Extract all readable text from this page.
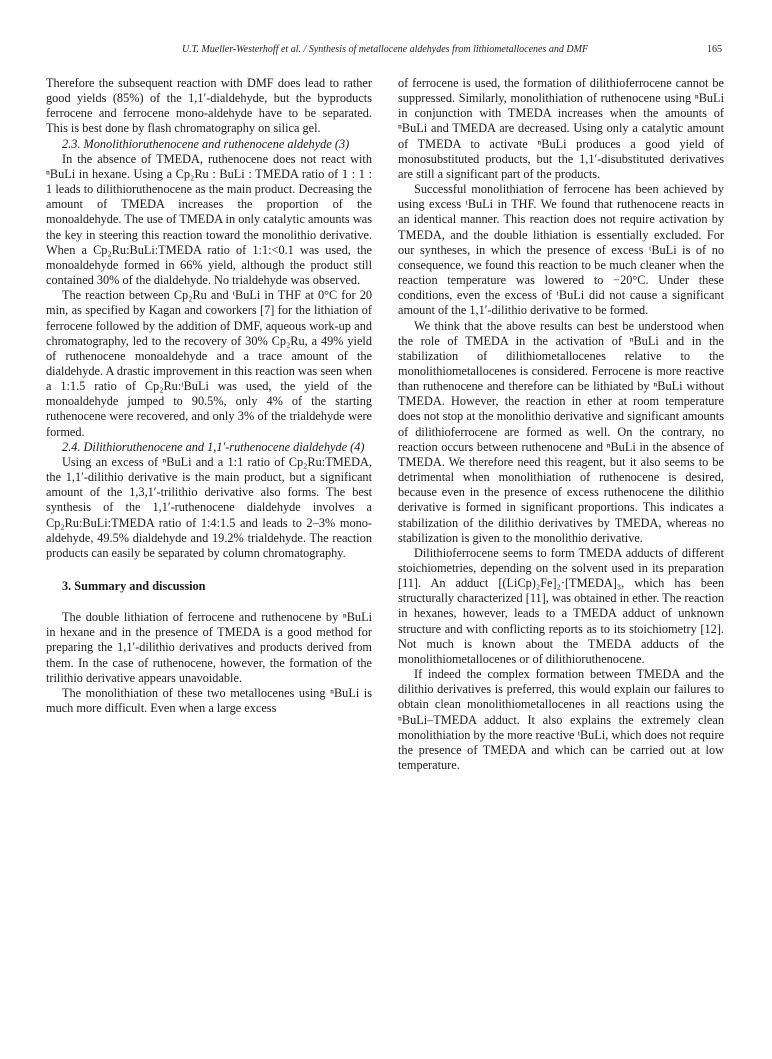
U.T. Mueller-Westerhoff et al. / Synthesis of metallocene aldehydes from lithiometallocenes and DMF	165

Therefore the subsequent reaction with DMF does lead to rather good yields (85%) of the 1,1′-dialdehyde, but the byproducts ferrocene and ferrocene mono-aldehyde have to be separated. This is best done by flash chromatography on silica gel.

2.3. Monolithioruthenocene and ruthenocene aldehyde (3)

In the absence of TMEDA, ruthenocene does not react with ⁿBuLi in hexane. Using a Cp₂Ru : BuLi : TMEDA ratio of 1 : 1 : 1 leads to dilithioruthenocene as the main product. Decreasing the amount of TMEDA increases the proportion of the monoaldehyde. The use of TMEDA in only catalytic amounts was the key in steering this reaction toward the monolithio derivative. When a Cp₂Ru:BuLi:TMEDA ratio of 1:1:<0.1 was used, the monoaldehyde formed in 66% yield, although the product still contained 30% of the dialdehyde. No trialdehyde was observed.

The reaction between Cp₂Ru and ᵗBuLi in THF at 0°C for 20 min, as specified by Kagan and coworkers [7] for the lithiation of ferrocene followed by the addition of DMF, aqueous work-up and chromatography, led to the recovery of 30% Cp₂Ru, a 49% yield of ruthenocene monoaldehyde and a trace amount of the dialdehyde. A drastic improvement in this reaction was seen when a 1:1.5 ratio of Cp₂Ru:ᵗBuLi was used, the yield of the monoaldehyde jumped to 90.5%, only 4% of the starting ruthenocene were recovered, and only 3% of the trialdehyde were formed.

2.4. Dilithioruthenocene and 1,1′-ruthenocene dialdehyde (4)

Using an excess of ⁿBuLi and a 1:1 ratio of Cp₂Ru:TMEDA, the 1,1′-dilithio derivative is the main product, but a significant amount of the 1,3,1′-trilithio derivative also forms. The best synthesis of the 1,1′-ruthenocene dialdehyde involves a Cp₂Ru:BuLi:TMEDA ratio of 1:4:1.5 and leads to 2–3% mono-aldehyde, 49.5% dialdehyde and 19.2% trialdehyde. The reaction products can easily be separated by column chromatography.

3. Summary and discussion

The double lithiation of ferrocene and ruthenocene by ⁿBuLi in hexane and in the presence of TMEDA is a good method for preparing the 1,1′-dilithio derivatives and products derived from them. In the case of ruthenocene, however, the formation of the trilithio derivative appears unavoidable.

The monolithiation of these two metallocenes using ⁿBuLi is much more difficult. Even when a large excess

of ferrocene is used, the formation of dilithioferrocene cannot be suppressed. Similarly, monolithiation of ruthenocene using ⁿBuLi in conjunction with TMEDA increases when the amounts of ⁿBuLi and TMEDA are decreased. Using only a catalytic amount of TMEDA to activate ⁿBuLi produces a good yield of monosubstituted products, but the 1,1′-disubstituted derivatives are still a significant part of the products.

Successful monolithiation of ferrocene has been achieved by using excess ᵗBuLi in THF. We found that ruthenocene reacts in an identical manner. This reaction does not require activation by TMEDA, and the double lithiation is essentially excluded. For our syntheses, in which the presence of excess ᵗBuLi is of no consequence, we found this reaction to be much cleaner when the reaction temperature was lowered to −20°C. Under these conditions, even the excess of ᵗBuLi did not cause a significant amount of the 1,1′-dilithio derivative to be formed.

We think that the above results can best be understood when the role of TMEDA in the activation of ⁿBuLi and in the stabilization of dilithiometallocenes relative to the monolithiometallocenes is considered. Ferrocene is more reactive than ruthenocene and therefore can be lithiated by ⁿBuLi without TMEDA. However, the reaction in ether at room temperature does not stop at the monolithio derivative and significant amounts of dilithioferrocene are formed as well. On the contrary, no reaction occurs between ruthenocene and ⁿBuLi in the absence of TMEDA. We therefore need this reagent, but it also seems to be detrimental when monolithiation of ruthenocene is desired, because even in the presence of excess ruthenocene the dilithio derivative is formed in significant proportions. This indicates a stabilization of the dilithio derivatives by TMEDA, whereas no stabilization is given to the monolithio derivative.

Dilithioferrocene seems to form TMEDA adducts of different stoichiometries, depending on the solvent used in its preparation [11]. An adduct [(LiCp)₂Fe]₂·[TMEDA]₃, which has been structurally characterized [11], was obtained in ether. The reaction in hexanes, however, leads to a TMEDA adduct of unknown structure and with conflicting reports as to its stoichiometry [12]. Not much is known about the TMEDA adducts of the monolithiometallocenes or of dilithioruthenocene.

If indeed the complex formation between TMEDA and the dilithio derivatives is preferred, this would explain our failures to obtain clean monolithiometallocenes in all reactions using the ⁿBuLi–TMEDA adduct. It also explains the extremely clean monolithiation by the more reactive ᵗBuLi, which does not require the presence of TMEDA and which can be carried out at low temperature.
